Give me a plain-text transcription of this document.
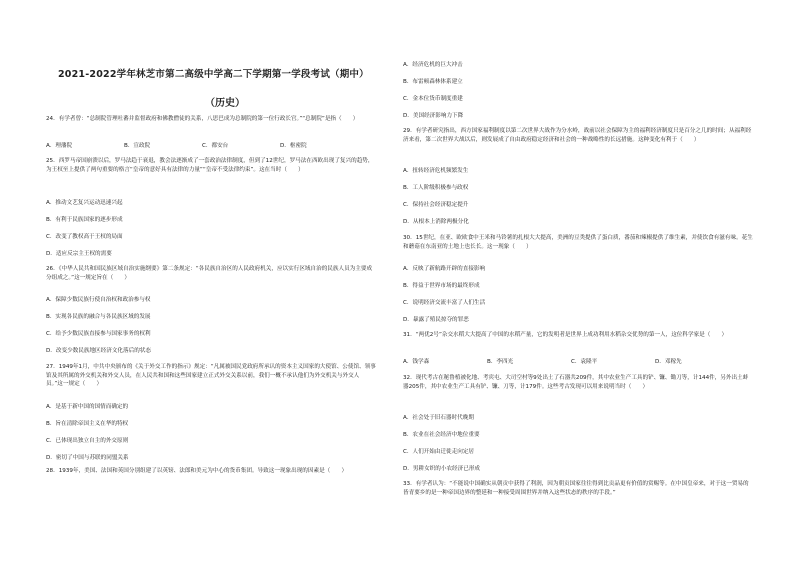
2021-2022学年林芝市第二高级中学高二下学期第一学段考试（期中）
（历史）
24．有学者曾：“总制院管理吐蕃并监督政府和佛教僧徒的关系，八思巴成为总制院的第一位行政长官。”“总制院”是指（　　）
A．理藩院	B．宣政院	C．都安台	D．枢密院
25．西罗马帝国崩溃以后，罗马法趋于衰退，教会法逐渐成了一套政治法律制度，但到了12世纪，罗马法在西欧出现了复兴的趋势，为王权至上提供了两句重要的格言“皇帝的意好具有法律的力量”“皇帝不受法律约束”。这在当时（　　）
A．推动文艺复兴运动迅速兴起
B．有利于民族国家的逐步形成
C．改变了教权高于王权的局面
D．适应反宗主王权的需要
26．《中华人民共和国民族区域自治实施纲要》第二条规定：“各民族自治区的人民政府机关，应以实行区域自治的民族人员为主要成分组成之。”这一规定旨在（　　）
A．保障少数民族行使自治权和政治参与权
B．实现各民族的融合与各民族区域的发展
C．给予少数民族直接参与国家事务的权利
D．改变少数民族地区经济文化落后的状态
27．1949年1月，中共中央颁布的《关于外交工作的指示》规定：“凡属被国民党政府所承认的资本主义国家的大使馆、公使馆、领事馆及其所属的外交机关和外交人员，在人民共和国和这些国家建立正式外交关系以前，我们一概不承认他们为外交机关与外交人员。”这一规定（　　）
A．是基于新中国的国情而确定的
B．旨在清除帝国主义在华的特权
C．已体现出独立自主的外交原则
D．密切了中国与苏联的同盟关系
28．1939年，美国、法国和英国分别组建了以英镑、法郎和美元为中心的货币集团。导致这一现象出现的因素是（　　）
A．经济危机的巨大冲击
B．布雷顿森林体系建立
C．金本位货币制度重建
D．美国经济影响力下降
29．有学者研究指出，西方国家福利制度以第二次世界大战作为分水岭，战前以社会保障为主的福利经济制度只是百分之几的时间；从福利经济来看，第二次世界大战以后，则发展成了自由政府稳定经济和社会的一种战略性的长远措施。这种变化有利于（　　）
A．扭转经济危机频繁发生
B．工人阶级积极参与政权
C．保持社会经济稳定提升
D．从根本上消除两极分化
30．15世纪，在亚、欧欧食中王米和马铃薯的扎根大大提高，美洲的豆类提供了蛋白质，番茄和辣椒提供了维生素，并使饮食有滋有味。花生和蘑菇在东南亚的土地上也长长。这一现象（　　）
A．反映了新航路开辟的直接影响
B．得益于世界市场的最终形成
C．说明经济交流丰富了人们生活
D．暴露了殖民掠夺的罪恶
31．“两优2号”杂交水稻大大提高了中国的水稻产量，它的发明者是世界上成功利用水稻杂交优势的第一人，这位科学家是（　　）
A．钱学森	B．李四光	C．袁隆平	D．邓稼先
32．现代考古在秘鲁植被化地、考宾屯、大司空村等9处出土了石器共209件，其中农业生产工具的铲、镰、锄刀等，计144件，另外出土蚌器205件，其中农业生产工具有铲、镰、刀等，计179件。这些考古发现可以用来说明当时（　　）
A．社会处于旧石器时代晚期
B．农业在社会经济中地位重要
C．人们开始由迁徙走向定居
D．男耕女织的小农经济已形成
33．有学者认为：“不能说中国确实从朝贡中获得了利润，因为朝贡国家往往得到比贡品更有价值的赏赐等。在中国皇帝来，对于这一贸易的皆青要乡的是一种帝国边界的整延和一种接受周围世界并纳入这些状态的秩序的手段。”
